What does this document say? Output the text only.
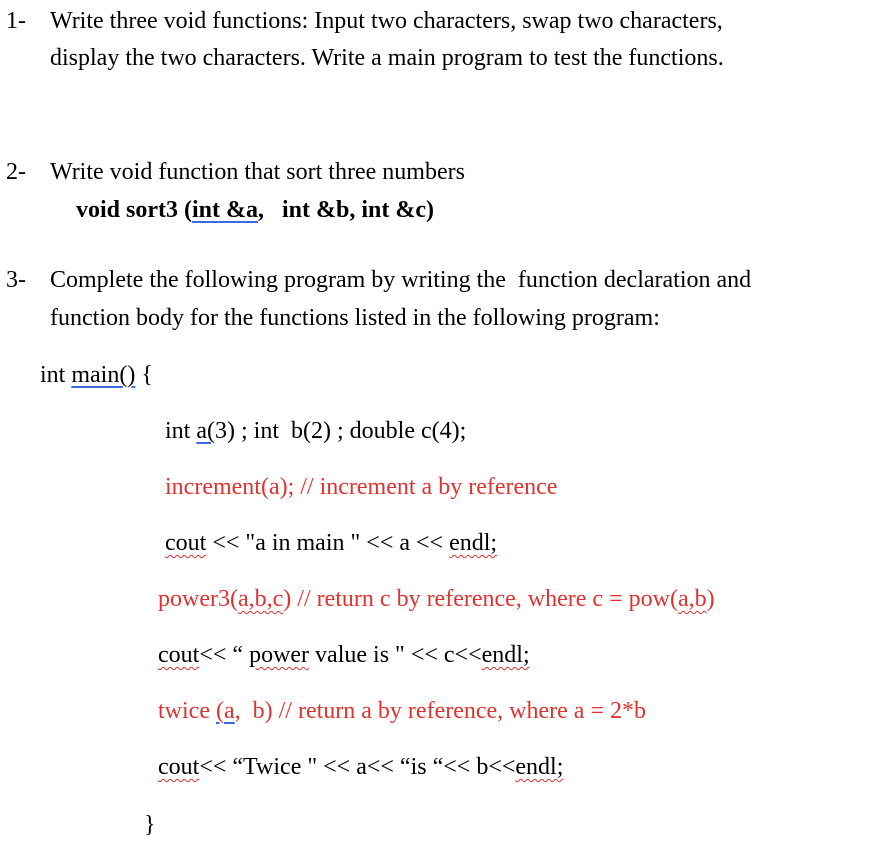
1- Write three void functions: Input two characters, swap two characters,
display the two characters. Write a main program to test the functions.
2- Write void function that sort three numbers
void sort3 (int &a,   int &b, int &c)
3- Complete the following program by writing the  function declaration and
function body for the functions listed in the following program:
int main() {
int a(3) ; int  b(2) ; double c(4);
increment(a); // increment a by reference
cout << "a in main " << a << endl;
power3(a,b,c) // return c by reference, where c = pow(a,b)
cout<< “ power value is " << c<<endl;
twice (a,  b) // return a by reference, where a = 2*b
cout<< “Twice " << a<< “is “<< b<<endl;
}
